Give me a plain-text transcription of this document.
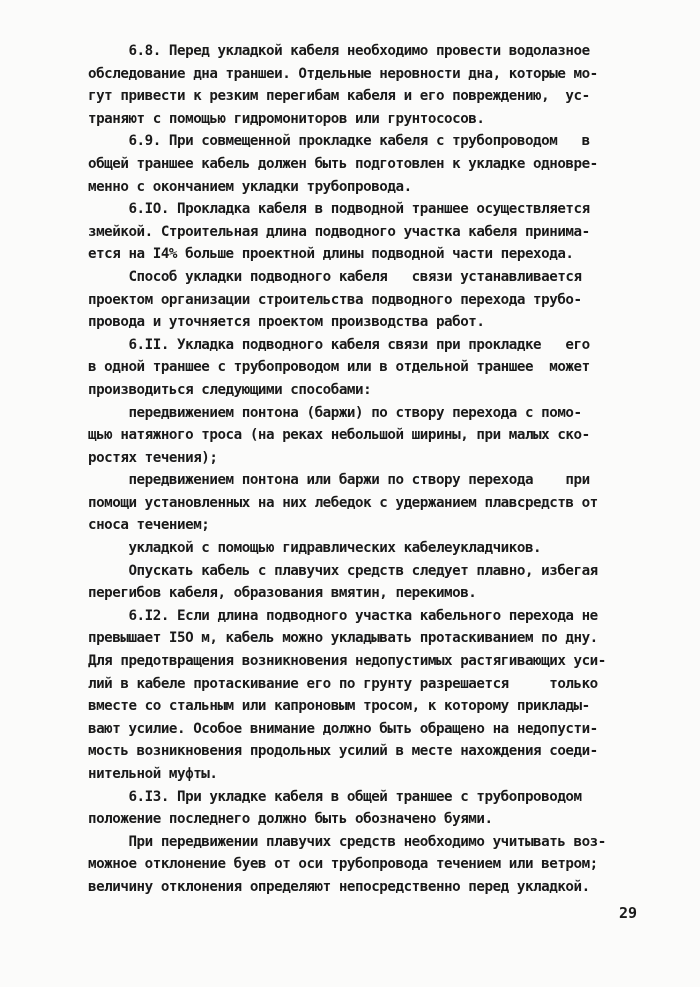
6.8. Перед укладкой кабеля необходимо провести водолазное
обследование дна траншеи. Отдельные неровности дна, которые мо-
гут привести к резким перегибам кабеля и его повреждению,  ус-
траняют с помощью гидромониторов или грунтососов.
6.9. При совмещенной прокладке кабеля с трубопроводом   в
общей траншее кабель должен быть подготовлен к укладке одновре-
менно с окончанием укладки трубопровода.
6.IO. Прокладка кабеля в подводной траншее осуществляется
змейкой. Строительная длина подводного участка кабеля принима-
ется на I4% больше проектной длины подводной части перехода.
Способ укладки подводного кабеля   связи устанавливается
проектом организации строительства подводного перехода трубо-
провода и уточняется проектом производства работ.
6.II. Укладка подводного кабеля связи при прокладке   его
в одной траншее с трубопроводом или в отдельной траншее  может
производиться следующими способами:
передвижением понтона (баржи) по створу перехода с помо-
щью натяжного троса (на реках небольшой ширины, при малых ско-
ростях течения);
передвижением понтона или баржи по створу перехода    при
помощи установленных на них лебедок с удержанием плавсредств от
сноса течением;
укладкой с помощью гидравлических кабелеукладчиков.
Опускать кабель с плавучих средств следует плавно, избегая
перегибов кабеля, образования вмятин, перекимов.
6.I2. Если длина подводного участка кабельного перехода не
превышает I5O м, кабель можно укладывать протаскиванием по дну.
Для предотвращения возникновения недопустимых растягивающих уси-
лий в кабеле протаскивание его по грунту разрешается     только
вместе со стальным или капроновым тросом, к которому приклады-
вают усилие. Особое внимание должно быть обращено на недопусти-
мость возникновения продольных усилий в месте нахождения соеди-
нительной муфты.
6.I3. При укладке кабеля в общей траншее с трубопроводом
положение последнего должно быть обозначено буями.
При передвижении плавучих средств необходимо учитывать воз-
можное отклонение буев от оси трубопровода течением или ветром;
величину отклонения определяют непосредственно перед укладкой.
29
